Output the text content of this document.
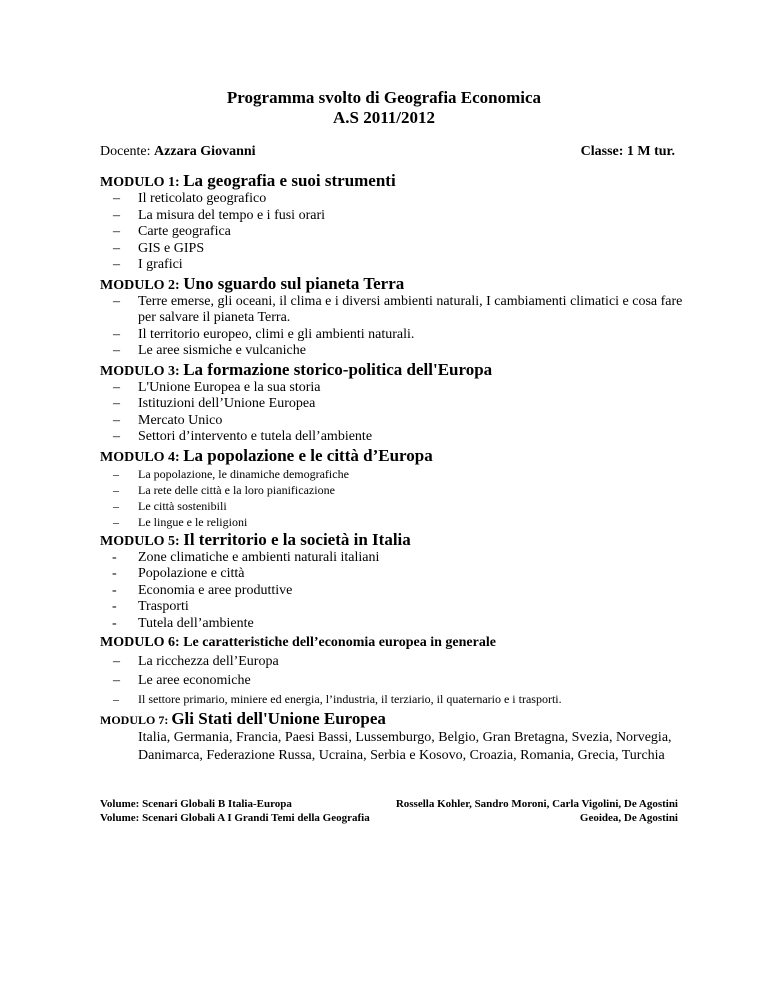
Programma svolto di Geografia Economica
A.S 2011/2012
Docente: Azzara Giovanni	Classe: 1 M tur.
MODULO 1: La geografia e suoi strumenti
– Il reticolato geografico
– La misura del tempo e i fusi orari
– Carte geografica
– GIS e GIPS
– I grafici
MODULO 2: Uno sguardo sul pianeta Terra
– Terre emerse, gli oceani, il clima e i diversi ambienti naturali, I cambiamenti climatici e cosa fare per salvare il pianeta Terra.
– Il territorio europeo, climi e gli ambienti naturali.
– Le aree sismiche e vulcaniche
MODULO 3: La formazione storico-politica dell'Europa
– L'Unione Europea e la sua storia
– Istituzioni dell’Unione Europea
– Mercato Unico
– Settori d’intervento e tutela dell’ambiente
MODULO 4: La popolazione e le città d’Europa
– La popolazione, le dinamiche demografiche
– La rete delle città e la loro pianificazione
– Le città sostenibili
– Le lingue e le religioni
MODULO 5: Il territorio e la società in Italia
- Zone climatiche e ambienti naturali italiani
- Popolazione e città
- Economia e aree produttive
- Trasporti
- Tutela dell’ambiente
MODULO 6: Le caratteristiche dell’economia europea in generale
– La ricchezza dell’Europa
– Le aree economiche
– Il settore primario, miniere ed energia, l’industria, il terziario, il quaternario e i trasporti.
MODULO 7: Gli Stati dell'Unione Europea
Italia, Germania, Francia, Paesi Bassi, Lussemburgo, Belgio, Gran Bretagna, Svezia, Norvegia, Danimarca, Federazione Russa, Ucraina, Serbia e Kosovo, Croazia, Romania, Grecia, Turchia
Volume: Scenari Globali B Italia-Europa	Rossella Kohler, Sandro Moroni, Carla Vigolini, De Agostini
Volume: Scenari Globali A I Grandi Temi della Geografia	Geoidea, De Agostini
